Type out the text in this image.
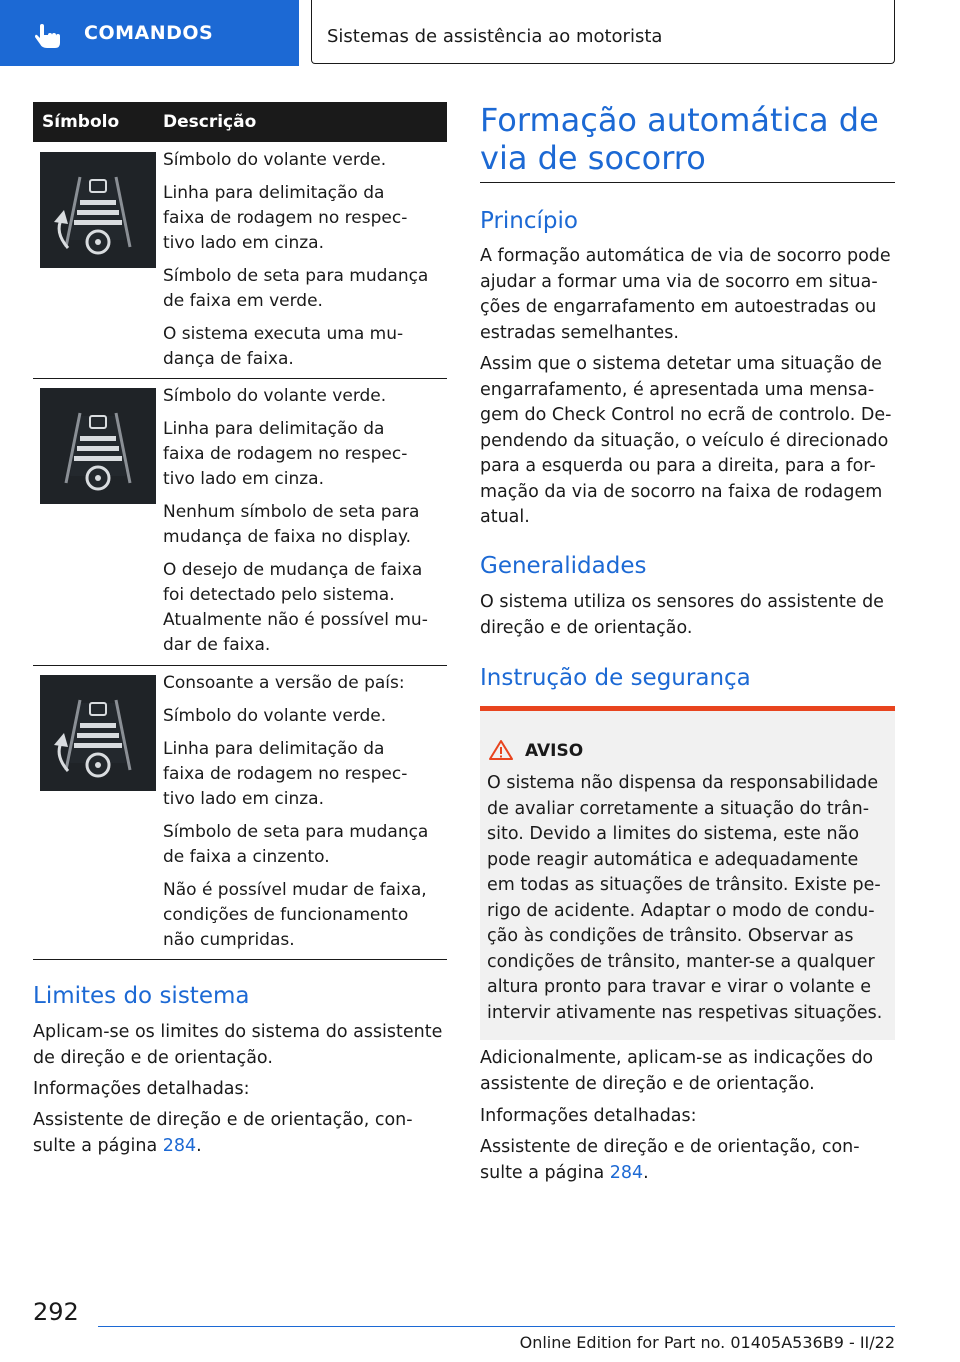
COMANDOS	Sistemas de assistência ao motorista
Símbolo	Descrição

Símbolo do volante verde.

Linha para delimitação da
faixa de rodagem no respec-
tivo lado em cinza.

Símbolo de seta para mudança
de faixa em verde.

O sistema executa uma mu-
dança de faixa.

Símbolo do volante verde.

Linha para delimitação da
faixa de rodagem no respec-
tivo lado em cinza.

Nenhum símbolo de seta para
mudança de faixa no display.

O desejo de mudança de faixa
foi detectado pelo sistema.
Atualmente não é possível mu-
dar de faixa.

Consoante a versão de país:

Símbolo do volante verde.

Linha para delimitação da
faixa de rodagem no respec-
tivo lado em cinza.

Símbolo de seta para mudança
de faixa a cinzento.

Não é possível mudar de faixa,
condições de funcionamento
não cumpridas.

Limites do sistema

Aplicam-se os limites do sistema do assistente
de direção e de orientação.

Informações detalhadas:

Assistente de direção e de orientação, con-
sulte a página 284.

Formação automática de
via de socorro
Princípio

A formação automática de via de socorro pode
ajudar a formar uma via de socorro em situa-
ções de engarrafamento em autoestradas ou
estradas semelhantes.

Assim que o sistema detetar uma situação de
engarrafamento, é apresentada uma mensa-
gem do Check Control no ecrã de controlo. De-
pendendo da situação, o veículo é direcionado
para a esquerda ou para a direita, para a for-
mação da via de socorro na faixa de rodagem
atual.

Generalidades

O sistema utiliza os sensores do assistente de
direção e de orientação.

Instrução de segurança
AVISO

O sistema não dispensa da responsabilidade
de avaliar corretamente a situação do trân-
sito. Devido a limites do sistema, este não
pode reagir automática e adequadamente
em todas as situações de trânsito. Existe pe-
rigo de acidente. Adaptar o modo de condu-
ção às condições de trânsito. Observar as
condições de trânsito, manter-se a qualquer
altura pronto para travar e virar o volante e
intervir ativamente nas respetivas situações.

Adicionalmente, aplicam-se as indicações do
assistente de direção e de orientação.

Informações detalhadas:

Assistente de direção e de orientação, con-
sulte a página 284.

292
Online Edition for Part no. 01405A536B9 - II/22
